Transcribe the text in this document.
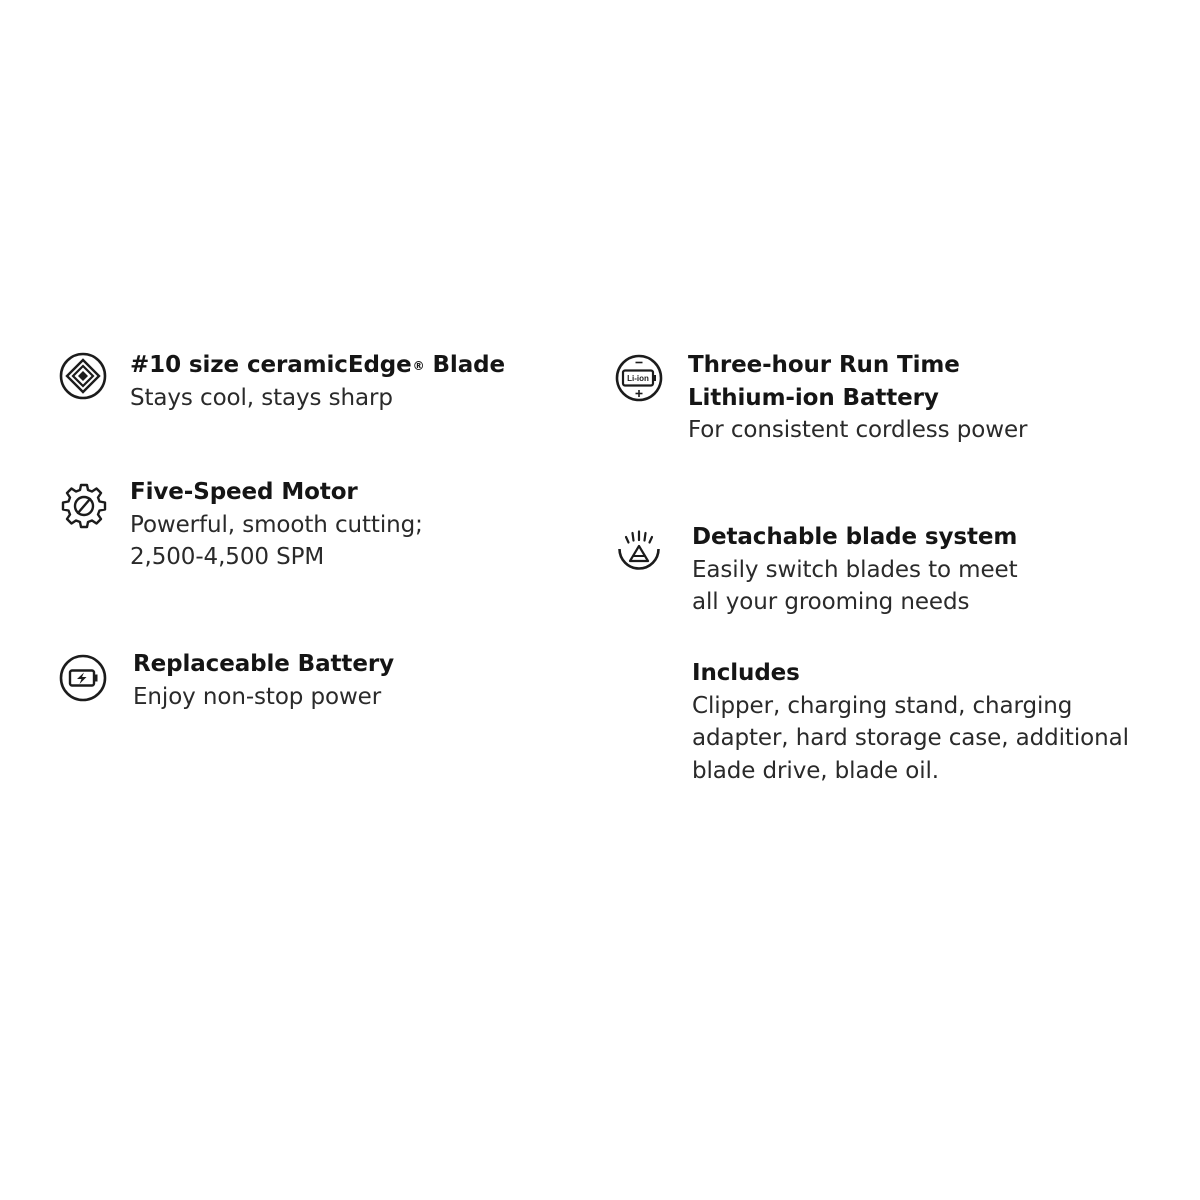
#10 size ceramicEdge® Blade
Stays cool, stays sharp
Five-Speed Motor
Powerful, smooth cutting;
2,500-4,500 SPM
Replaceable Battery
Enjoy non-stop power
Li-ion
Three-hour Run Time
Lithium-ion Battery
For consistent cordless power
Detachable blade system
Easily switch blades to meet
all your grooming needs
Includes
Clipper, charging stand, charging
adapter, hard storage case, additional
blade drive, blade oil.
